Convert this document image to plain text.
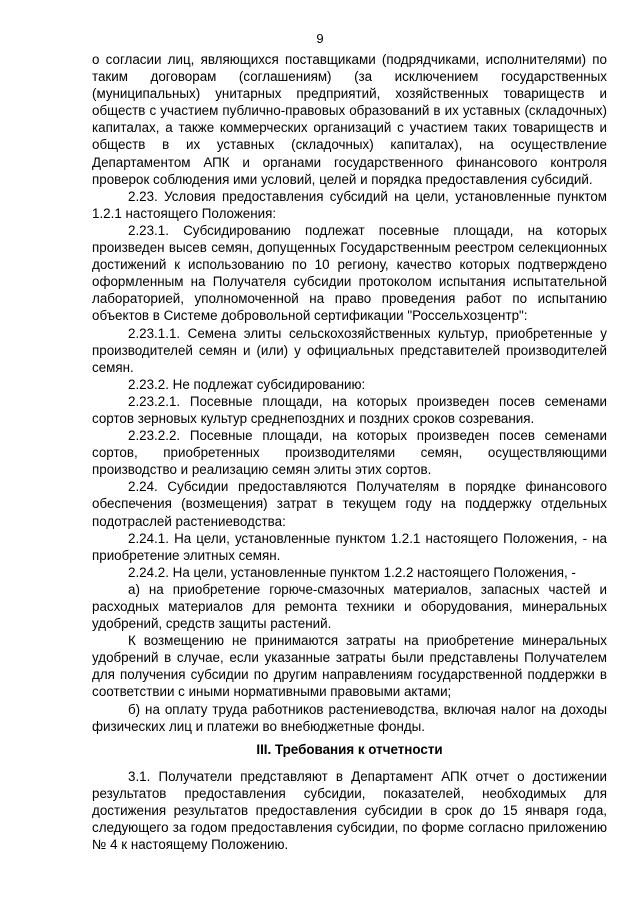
9

о согласии лиц, являющихся поставщиками (подрядчиками, исполнителями) по таким договорам (соглашениям) (за исключением государственных (муниципальных) унитарных предприятий, хозяйственных товариществ и обществ с участием публично-правовых образований в их уставных (складочных) капиталах, а также коммерческих организаций с участием таких товариществ и обществ в их уставных (складочных) капиталах), на осуществление Департаментом АПК и органами государственного финансового контроля проверок соблюдения ими условий, целей и порядка предоставления субсидий.

2.23. Условия предоставления субсидий на цели, установленные пунктом 1.2.1 настоящего Положения:

2.23.1. Субсидированию подлежат посевные площади, на которых произведен высев семян, допущенных Государственным реестром селекционных достижений к использованию по 10 региону, качество которых подтверждено оформленным на Получателя субсидии протоколом испытания испытательной лабораторией, уполномоченной на право проведения работ по испытанию объектов в Системе добровольной сертификации "Россельхозцентр":

2.23.1.1. Семена элиты сельскохозяйственных культур, приобретенные у производителей семян и (или) у официальных представителей производителей семян.

2.23.2. Не подлежат субсидированию:

2.23.2.1. Посевные площади, на которых произведен посев семенами сортов зерновых культур среднепоздних и поздних сроков созревания.

2.23.2.2. Посевные площади, на которых произведен посев семенами сортов, приобретенных производителями семян, осуществляющими производство и реализацию семян элиты этих сортов.

2.24. Субсидии предоставляются Получателям в порядке финансового обеспечения (возмещения) затрат в текущем году на поддержку отдельных подотраслей растениеводства:

2.24.1. На цели, установленные пунктом 1.2.1 настоящего Положения, - на приобретение элитных семян.

2.24.2. На цели, установленные пунктом 1.2.2 настоящего Положения, -

а) на приобретение горюче-смазочных материалов, запасных частей и расходных материалов для ремонта техники и оборудования, минеральных удобрений, средств защиты растений.

К возмещению не принимаются затраты на приобретение минеральных удобрений в случае, если указанные затраты были представлены Получателем для получения субсидии по другим направлениям государственной поддержки в соответствии с иными нормативными правовыми актами;

б) на оплату труда работников растениеводства, включая налог на доходы физических лиц и платежи во внебюджетные фонды.

III. Требования к отчетности

3.1. Получатели представляют в Департамент АПК отчет о достижении результатов предоставления субсидии, показателей, необходимых для достижения результатов предоставления субсидии в срок до 15 января года, следующего за годом предоставления субсидии, по форме согласно приложению № 4 к настоящему Положению.
